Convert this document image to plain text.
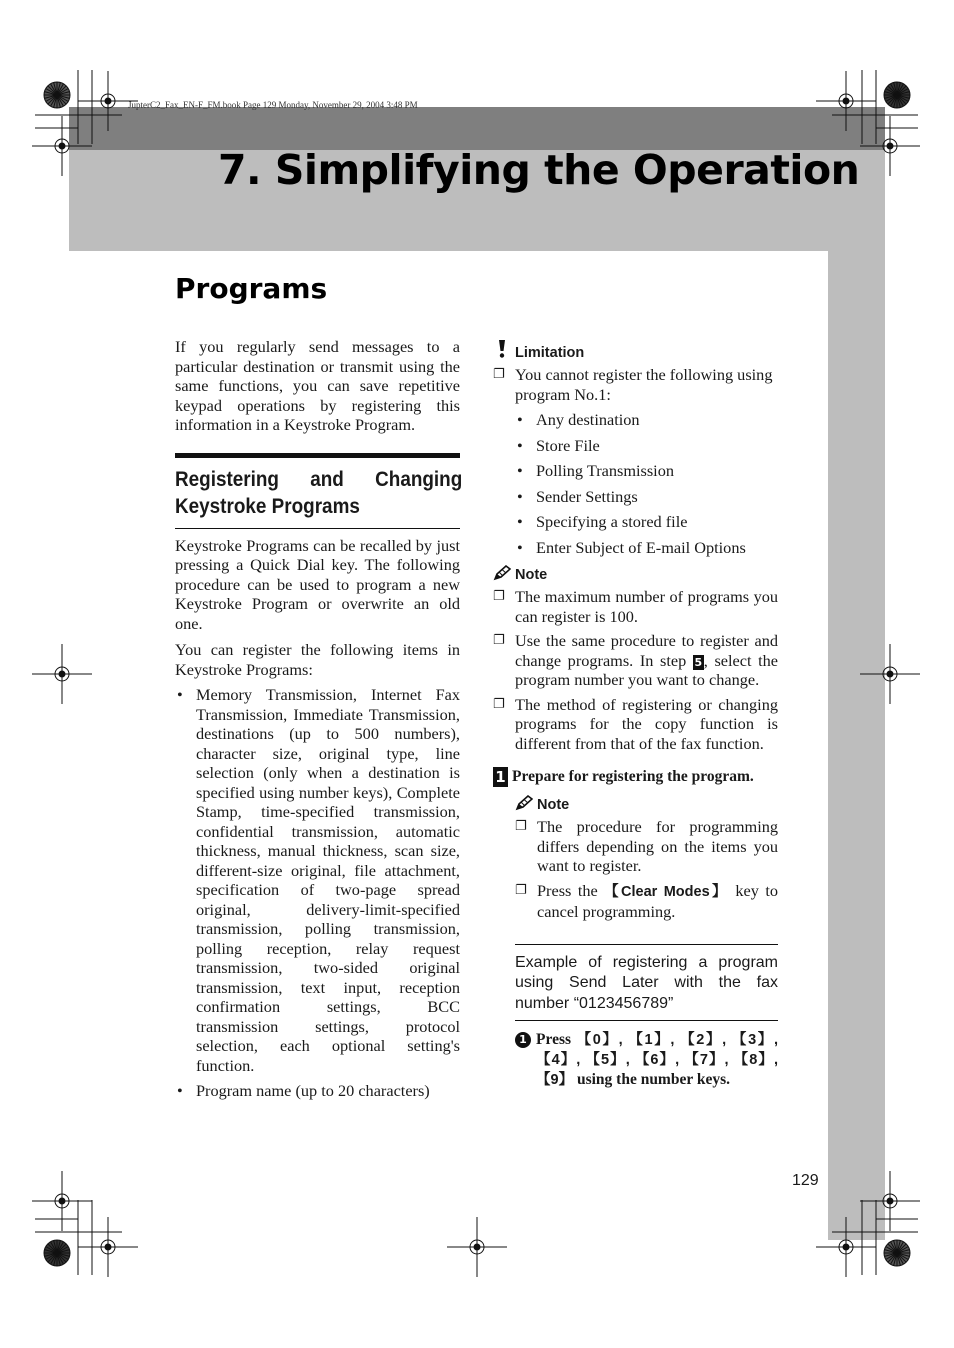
JupterC2_Fax_EN-F_FM.book Page 129 Monday, November 29, 2004 3:48 PM
7. Simplifying the Operation
Programs

If you regularly send messages to a particular destination or transmit using the same functions, you can save repetitive keypad operations by registering this information in a Keystroke Program.

Registering and Changing Keystroke Programs

Keystroke Programs can be recalled by just pressing a Quick Dial key. The following procedure can be used to program a new Keystroke Program or overwrite an old one.

You can register the following items in Keystroke Programs:

• Memory Transmission, Internet Fax Transmission, Immediate Transmission, destinations (up to 500 numbers), character size, original type, line selection (only when a destination is specified using number keys), Complete Stamp, time-specified transmission, confidential transmission, automatic thickness, manual thickness, scan size, different-size original, file attachment, specification of two-page spread original, delivery-limit-specified transmission, polling transmission, polling reception, relay request transmission, two-sided original transmission, text input, reception confirmation settings, BCC transmission settings, protocol selection, each optional setting's function.
• Program name (up to 20 characters)
Limitation
❐ You cannot register the following using program No.1:
• Any destination
• Store File
• Polling Transmission
• Sender Settings
• Specifying a stored file
• Enter Subject of E-mail Options
Note
❐ The maximum number of programs you can register is 100.
❐ Use the same procedure to register and change programs. In step 5 , select the program number you want to change.
❐ The method of registering or changing programs for the copy function is different from that of the fax function.
1 Prepare for registering the program.
Note
❐ The procedure for programming differs depending on the items you want to register.
❐ Press the 【Clear Modes】 key to cancel programming.
Example of registering a program using Send Later with the fax number “0123456789”
1 Press 【0】, 【1】, 【2】, 【3】, 【4】, 【5】, 【6】, 【7】, 【8】, 【9】 using the number keys.
129
